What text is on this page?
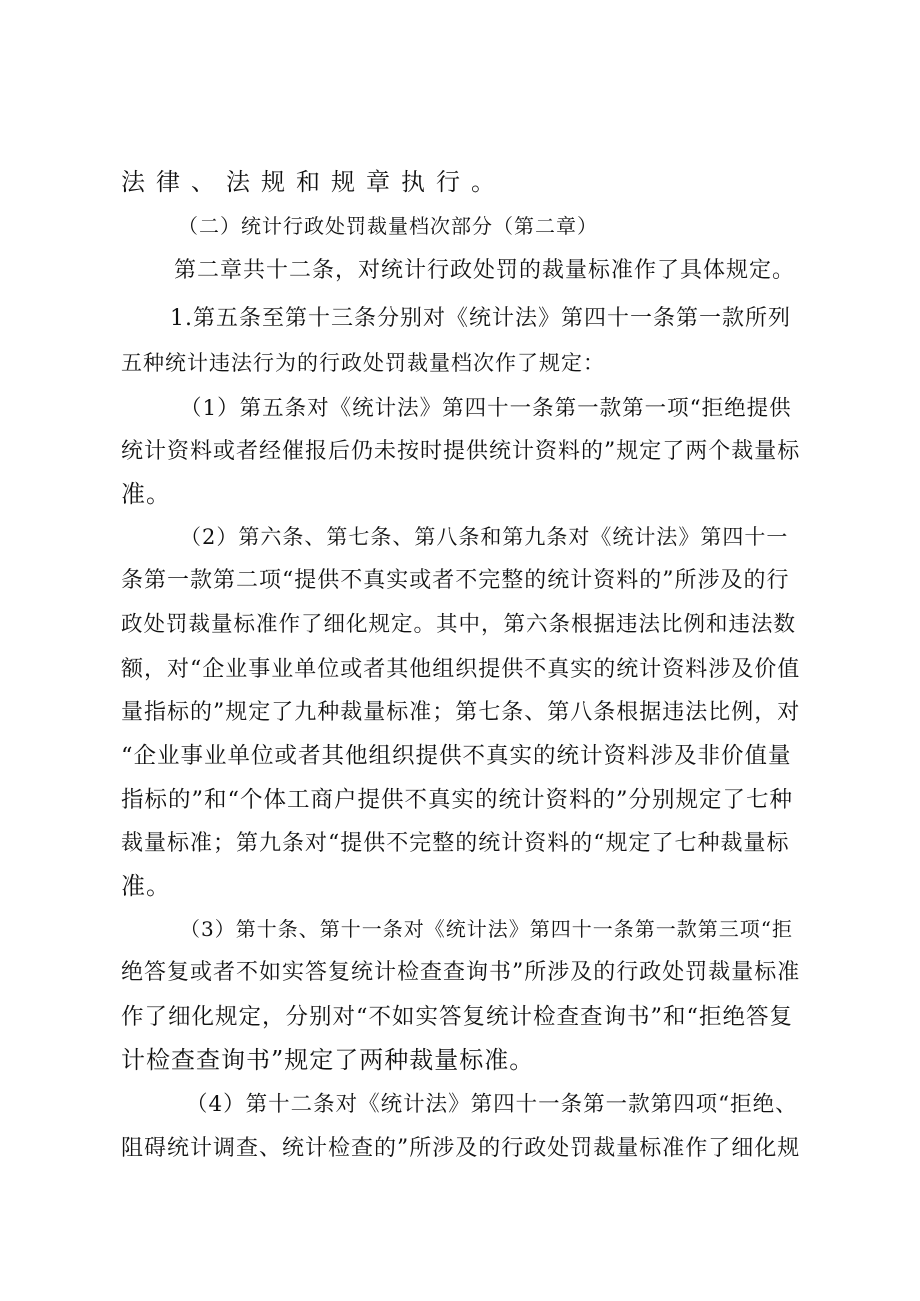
法律、法规和规章执行。
（二）统计行政处罚裁量档次部分（第二章）
第二章共十二条，对统计行政处罚的裁量标准作了具体规定。
1.第五条至第十三条分别对《统计法》第四十一条第一款所列
五种统计违法行为的行政处罚裁量档次作了规定：
（1）第五条对《统计法》第四十一条第一款第一项“拒绝提供
统计资料或者经催报后仍未按时提供统计资料的”规定了两个裁量标
准。
（2）第六条、第七条、第八条和第九条对《统计法》第四十一
条第一款第二项“提供不真实或者不完整的统计资料的”所涉及的行
政处罚裁量标准作了细化规定。其中，第六条根据违法比例和违法数
额，对“企业事业单位或者其他组织提供不真实的统计资料涉及价值
量指标的”规定了九种裁量标准；第七条、第八条根据违法比例，对
“企业事业单位或者其他组织提供不真实的统计资料涉及非价值量
指标的”和“个体工商户提供不真实的统计资料的”分别规定了七种
裁量标准；第九条对“提供不完整的统计资料的“规定了七种裁量标
准。
（3）第十条、第十一条对《统计法》第四十一条第一款第三项“拒
绝答复或者不如实答复统计检查查询书”所涉及的行政处罚裁量标准
作了细化规定，分别对“不如实答复统计检查查询书”和“拒绝答复
计检查查询书”规定了两种裁量标准。
（4）第十二条对《统计法》第四十一条第一款第四项“拒绝、
阻碍统计调查、统计检查的”所涉及的行政处罚裁量标准作了细化规
